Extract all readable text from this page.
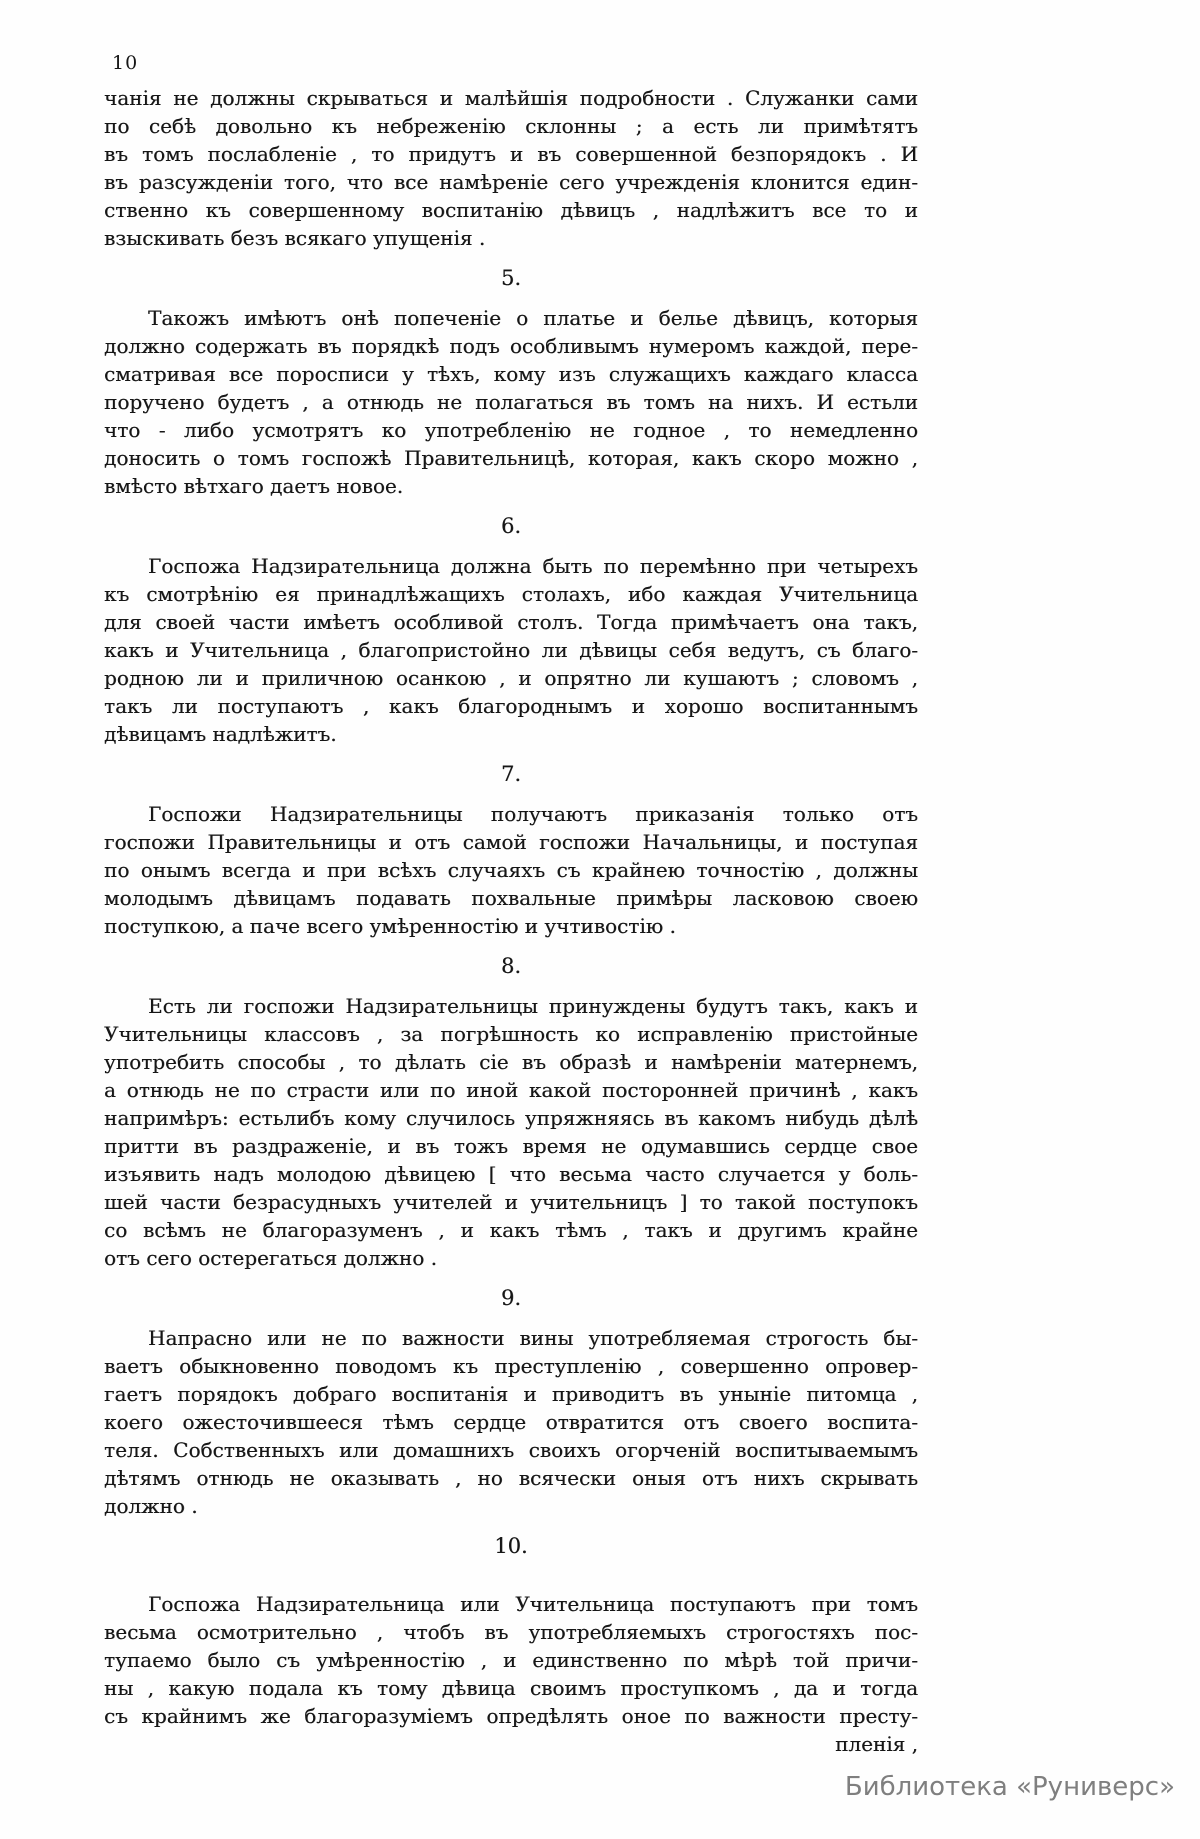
10
чанія не должны скрываться и малѣйшія подробности . Служанки сами
по себѣ довольно къ небреженію склонны ; а есть ли примѣтятъ
въ томъ послабленіе , то придутъ и въ совершенной безпорядокъ . И
въ разсужденіи того, что все намѣреніе сего учрежденія клонится един-
ственно къ совершенному воспитанію дѣвицъ , надлѣжитъ все то и
взыскивать безъ всякаго упущенія .
5.
Такожъ имѣютъ онѣ попеченіе о платье и белье дѣвицъ, которыя
должно содержать въ порядкѣ подъ особливымъ нумеромъ каждой, пере-
сматривая все поросписи у тѣхъ, кому изъ служащихъ каждаго класса
поручено будетъ , а отнюдь не полагаться въ томъ на нихъ. И естьли
что - либо усмотрятъ ко употребленію не годное , то немедленно
доносить о томъ госпожѣ Правительницѣ, которая, какъ скоро можно ,
вмѣсто вѣтхаго даетъ новое.
6.
Госпожа Надзирательница должна быть по перемѣнно при четырехъ
къ смотрѣнію ея принадлѣжащихъ столахъ, ибо каждая Учительница
для своей части имѣетъ особливой столъ. Тогда примѣчаетъ она такъ,
какъ и Учительница , благопристойно ли дѣвицы себя ведутъ, съ благо-
родною ли и приличною осанкою , и опрятно ли кушаютъ ; словомъ ,
такъ ли поступаютъ , какъ благороднымъ и хорошо воспитаннымъ
дѣвицамъ надлѣжитъ.
7.
Госпожи Надзирательницы получаютъ приказанія только отъ
госпожи Правительницы и отъ самой госпожи Начальницы, и поступая
по онымъ всегда и при всѣхъ случаяхъ съ крайнею точностію , должны
молодымъ дѣвицамъ подавать похвальные примѣры ласковою своею
поступкою, а паче всего умѣренностію и учтивостію .
8.
Есть ли госпожи Надзирательницы принуждены будутъ такъ, какъ и
Учительницы классовъ , за погрѣшность ко исправленію пристойные
употребить способы , то дѣлать сіе въ образѣ и намѣреніи матернемъ,
а отнюдь не по страсти или по иной какой посторонней причинѣ , какъ
напримѣръ: естьлибъ кому случилось упряжняясь въ какомъ нибудь дѣлѣ
притти въ раздраженіе, и въ тожъ время не одумавшись сердце свое
изъявить надъ молодою дѣвицею [ что весьма часто случается у боль-
шей части безрасудныхъ учителей и учительницъ ] то такой поступокъ
со всѣмъ не благоразуменъ , и какъ тѣмъ , такъ и другимъ крайне
отъ сего остерегаться должно .
9.
Напрасно или не по важности вины употребляемая строгость бы-
ваетъ обыкновенно поводомъ къ преступленію , совершенно опровер-
гаетъ порядокъ добраго воспитанія и приводитъ въ уныніе питомца ,
коего ожесточившееся тѣмъ сердце отвратится отъ своего воспита-
теля. Собственныхъ или домашнихъ своихъ огорченій воспитываемымъ
дѣтямъ отнюдь не оказывать , но всячески оныя отъ нихъ скрывать
должно .
10.
Госпожа Надзирательница или Учительница поступаютъ при томъ
весьма осмотрительно , чтобъ въ употребляемыхъ строгостяхъ пос-
тупаемо было съ умѣренностію , и единственно по мѣрѣ той причи-
ны , какую подала къ тому дѣвица своимъ проступкомъ , да и тогда
съ крайнимъ же благоразуміемъ опредѣлять оное по важности престу-
пленія ,
Библиотека «Руниверс»
